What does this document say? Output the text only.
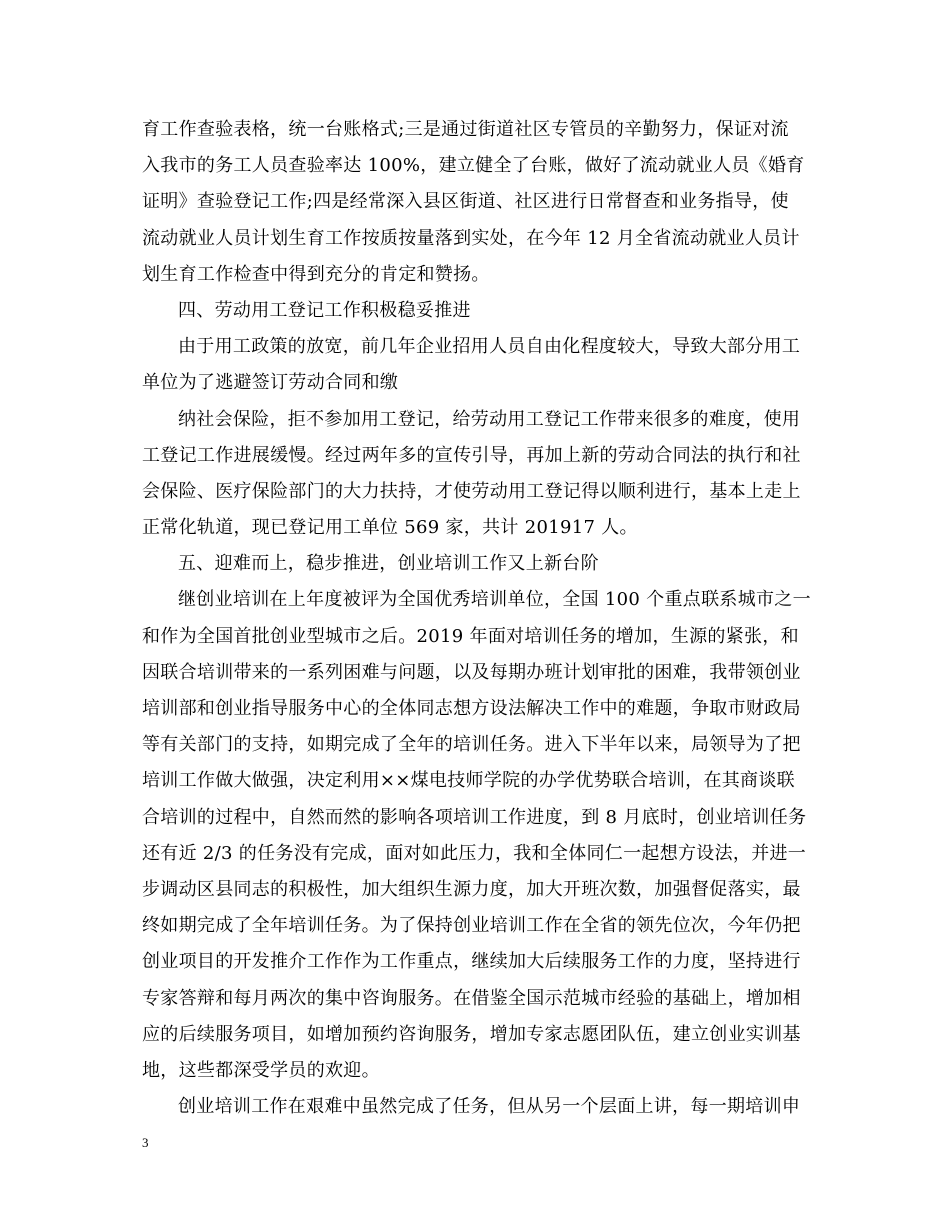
育工作查验表格，统一台账格式;三是通过街道社区专管员的辛勤努力，保证对流
入我市的务工人员查验率达 100%，建立健全了台账，做好了流动就业人员《婚育
证明》查验登记工作;四是经常深入县区街道、社区进行日常督查和业务指导，使
流动就业人员计划生育工作按质按量落到实处，在今年 12 月全省流动就业人员计
划生育工作检查中得到充分的肯定和赞扬。
四、劳动用工登记工作积极稳妥推进
由于用工政策的放宽，前几年企业招用人员自由化程度较大，导致大部分用工
单位为了逃避签订劳动合同和缴
纳社会保险，拒不参加用工登记，给劳动用工登记工作带来很多的难度，使用
工登记工作进展缓慢。经过两年多的宣传引导，再加上新的劳动合同法的执行和社
会保险、医疗保险部门的大力扶持，才使劳动用工登记得以顺利进行，基本上走上
正常化轨道，现已登记用工单位 569 家，共计 201917 人。
五、迎难而上，稳步推进，创业培训工作又上新台阶
继创业培训在上年度被评为全国优秀培训单位，全国 100 个重点联系城市之一
和作为全国首批创业型城市之后。2019 年面对培训任务的增加，生源的紧张，和
因联合培训带来的一系列困难与问题，以及每期办班计划审批的困难，我带领创业
培训部和创业指导服务中心的全体同志想方设法解决工作中的难题，争取市财政局
等有关部门的支持，如期完成了全年的培训任务。进入下半年以来，局领导为了把
培训工作做大做强，决定利用××煤电技师学院的办学优势联合培训，在其商谈联
合培训的过程中，自然而然的影响各项培训工作进度，到 8 月底时，创业培训任务
还有近 2/3 的任务没有完成，面对如此压力，我和全体同仁一起想方设法，并进一
步调动区县同志的积极性，加大组织生源力度，加大开班次数，加强督促落实，最
终如期完成了全年培训任务。为了保持创业培训工作在全省的领先位次，今年仍把
创业项目的开发推介工作作为工作重点，继续加大后续服务工作的力度，坚持进行
专家答辩和每月两次的集中咨询服务。在借鉴全国示范城市经验的基础上，增加相
应的后续服务项目，如增加预约咨询服务，增加专家志愿团队伍，建立创业实训基
地，这些都深受学员的欢迎。
创业培训工作在艰难中虽然完成了任务，但从另一个层面上讲，每一期培训申
3
